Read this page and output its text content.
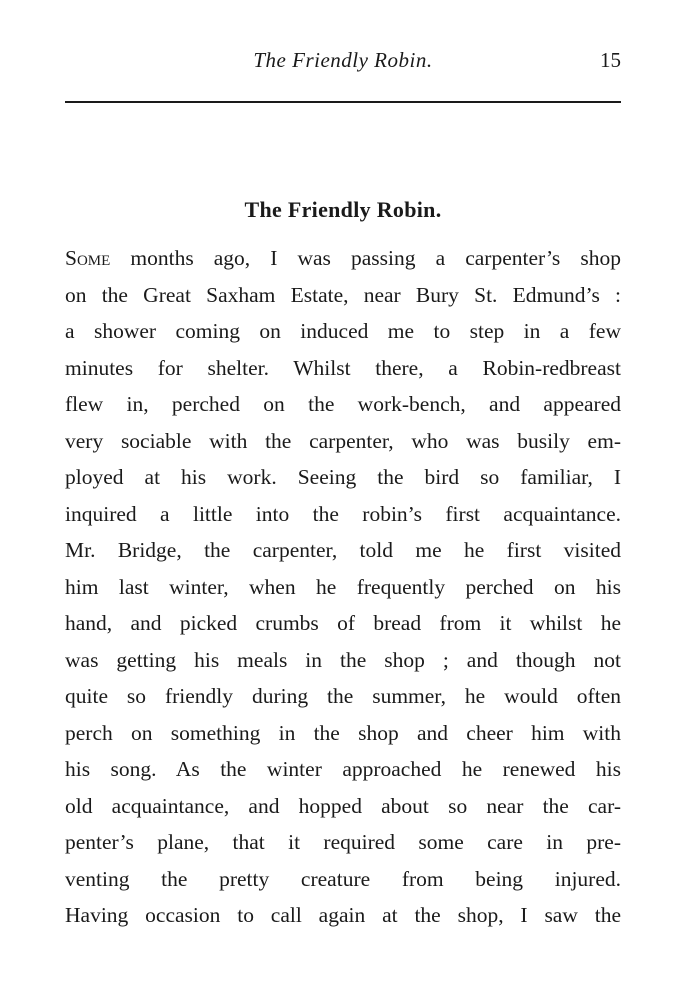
The Friendly Robin.	15
The Friendly Robin.
Some months ago, I was passing a carpenter’s shop
on the Great Saxham Estate, near Bury St. Edmund’s :
a shower coming on induced me to step in a few
minutes for shelter. Whilst there, a Robin-redbreast
flew in, perched on the work-bench, and appeared
very sociable with the carpenter, who was busily em-
ployed at his work. Seeing the bird so familiar, I
inquired a little into the robin’s first acquaintance.
Mr. Bridge, the carpenter, told me he first visited
him last winter, when he frequently perched on his
hand, and picked crumbs of bread from it whilst he
was getting his meals in the shop ; and though not
quite so friendly during the summer, he would often
perch on something in the shop and cheer him with
his song. As the winter approached he renewed his
old acquaintance, and hopped about so near the car-
penter’s plane, that it required some care in pre-
venting the pretty creature from being injured.
Having occasion to call again at the shop, I saw the
